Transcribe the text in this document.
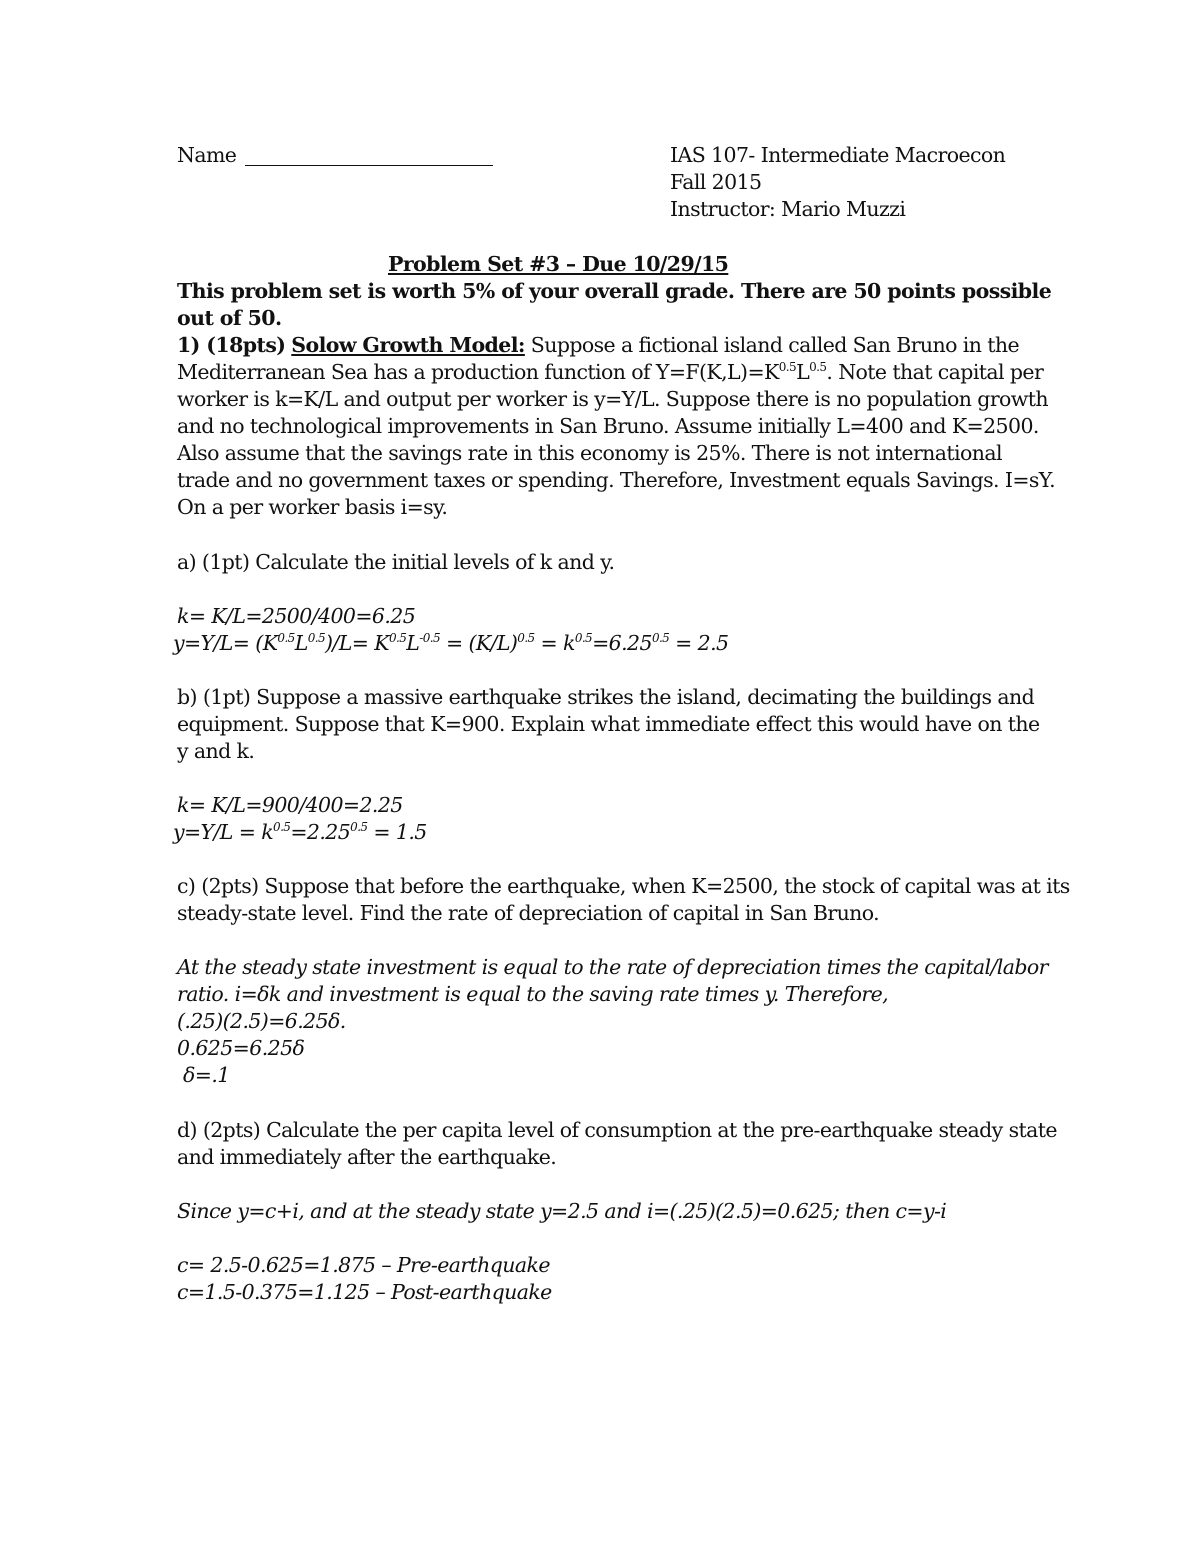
Name	IAS 107- Intermediate Macroecon
Fall 2015
Instructor: Mario Muzzi
Problem Set #3 – Due 10/29/15
This problem set is worth 5% of your overall grade. There are 50 points possible
out of 50.
1) (18pts) Solow Growth Model: Suppose a fictional island called San Bruno in the
Mediterranean Sea has a production function of $Y=F(K,L)=K^{0.5}L^{0.5}$. Note that capital per
worker is k=K/L and output per worker is y=Y/L. Suppose there is no population growth
and no technological improvements in San Bruno. Assume initially L=400 and K=2500.
Also assume that the savings rate in this economy is 25%. There is not international
trade and no government taxes or spending. Therefore, Investment equals Savings. I=sY.
On a per worker basis i=sy.
a) (1pt) Calculate the initial levels of k and y.
k= K/L=2500/400=6.25
$y=Y/L= (K^{0.5}L^{0.5})/L= K^{0.5}L^{-0.5} = (K/L)^{0.5} = k^{0.5}=6.25^{0.5} = 2.5$
b) (1pt) Suppose a massive earthquake strikes the island, decimating the buildings and
equipment. Suppose that K=900. Explain what immediate effect this would have on the
y and k.
k= K/L=900/400=2.25
$y=Y/L = k^{0.5}=2.25^{0.5} = 1.5$
c) (2pts) Suppose that before the earthquake, when K=2500, the stock of capital was at its
steady-state level. Find the rate of depreciation of capital in San Bruno.
At the steady state investment is equal to the rate of depreciation times the capital/labor
ratio. i=δk and investment is equal to the saving rate times y. Therefore,
(.25)(2.5)=6.25δ.
0.625=6.25δ
δ=.1
d) (2pts) Calculate the per capita level of consumption at the pre-earthquake steady state
and immediately after the earthquake.
Since y=c+i, and at the steady state y=2.5 and i=(.25)(2.5)=0.625; then c=y-i
c= 2.5-0.625=1.875 – Pre-earthquake
c=1.5-0.375=1.125 – Post-earthquake
